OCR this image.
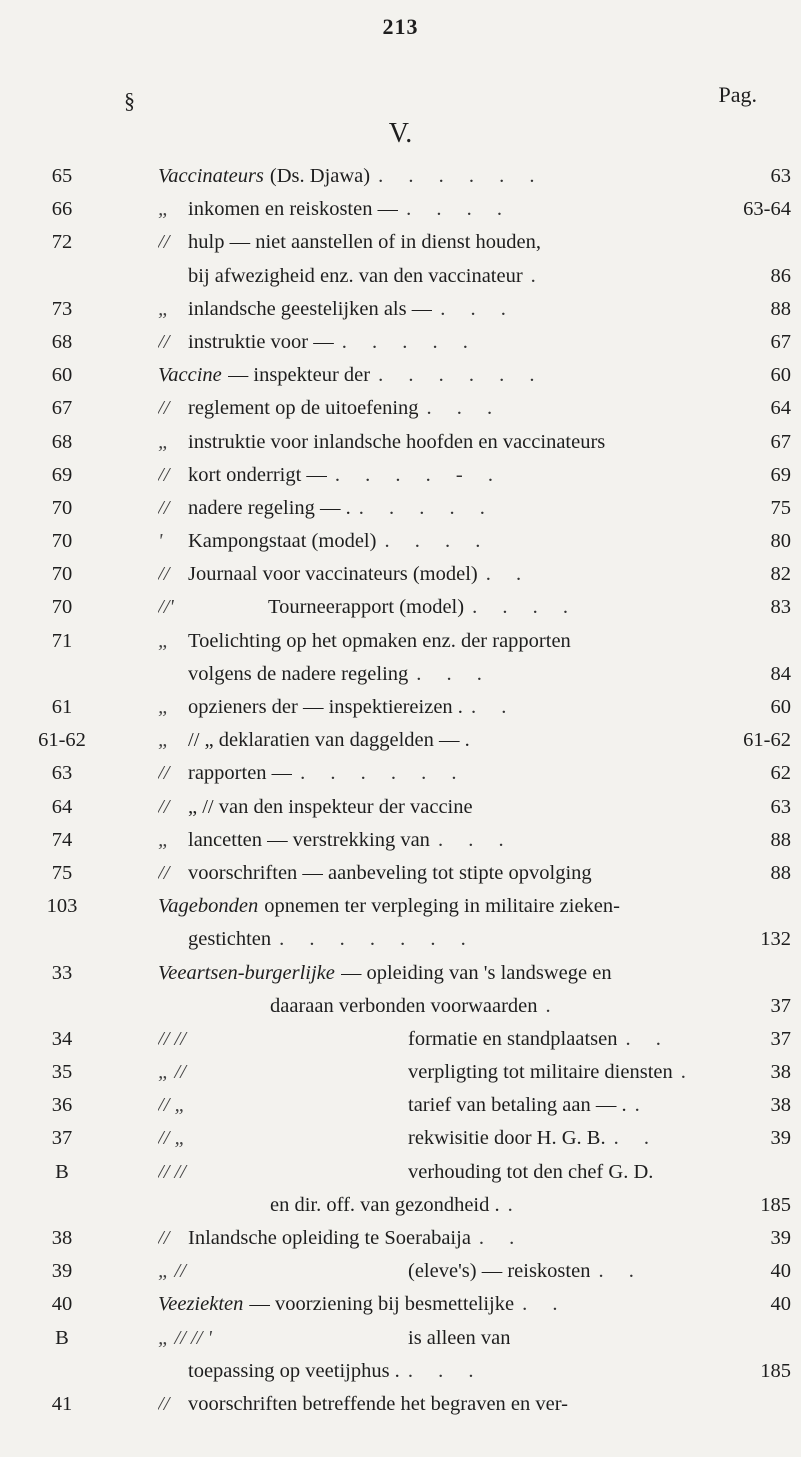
213
§	Pag.
V.
65	Vaccinateurs (Ds. Djawa) . . . . . .	63
66	„ inkomen en reiskosten — . . . .	63-64
72	// hulp — niet aanstellen of in dienst houden,
bij afwezigheid enz. van den vaccinateur .	86
73	„ inlandsche geestelijken als — . . .	88
68	// instruktie voor — . . . . .	67
60	Vaccine — inspekteur der . . . . . .	60
67	// reglement op de uitoefening . . .	64
68	„ instruktie voor inlandsche hoofden en vaccinateurs	67
69	// kort onderrigt — . . . . - .	69
70	// nadere regeling — . . . . . .	75
70	'	Kampongstaat (model) . . . .	80
70	// Journaal voor vaccinateurs (model) . .	82
70	//'	Tourneerapport (model) . . . .	83
71	„ Toelichting op het opmaken enz. der rapporten
volgens de nadere regeling . . .	84
61	„ opzieners der — inspektiereizen . . .	60
61-62	„ // „ deklaratien van daggelden — .	61-62
63	// rapporten — . . . . . .	62
64	// „ // van den inspekteur der vaccine	63
74	„ lancetten — verstrekking van . . .	88
75	// voorschriften — aanbeveling tot stipte opvolging	88
103	Vagebonden opnemen ter verpleging in militaire zieken-
gestichten . . . . . . .	132
33	Veeartsen-burgerlijke — opleiding van 's landswege en
daaraan verbonden voorwaarden .	37
34	// //	formatie en standplaatsen . .	37
35	„ //	verpligting tot militaire diensten .	38
36	// „	tarief van betaling aan — . .	38
37	// „	rekwisitie door H. G. B. . .	39
B	// //	verhouding tot den chef G. D.
en dir. off. van gezondheid . .	185
38	// Inlandsche opleiding te Soerabaija . .	39
39	„ //	(eleve's) — reiskosten . .	40
40	Veeziekten — voorziening bij besmettelijke . .	40
B	„ // // '	is alleen van
toepassing op veetijphus . . . .	185
41	// voorschriften betreffende het begraven en ver-
